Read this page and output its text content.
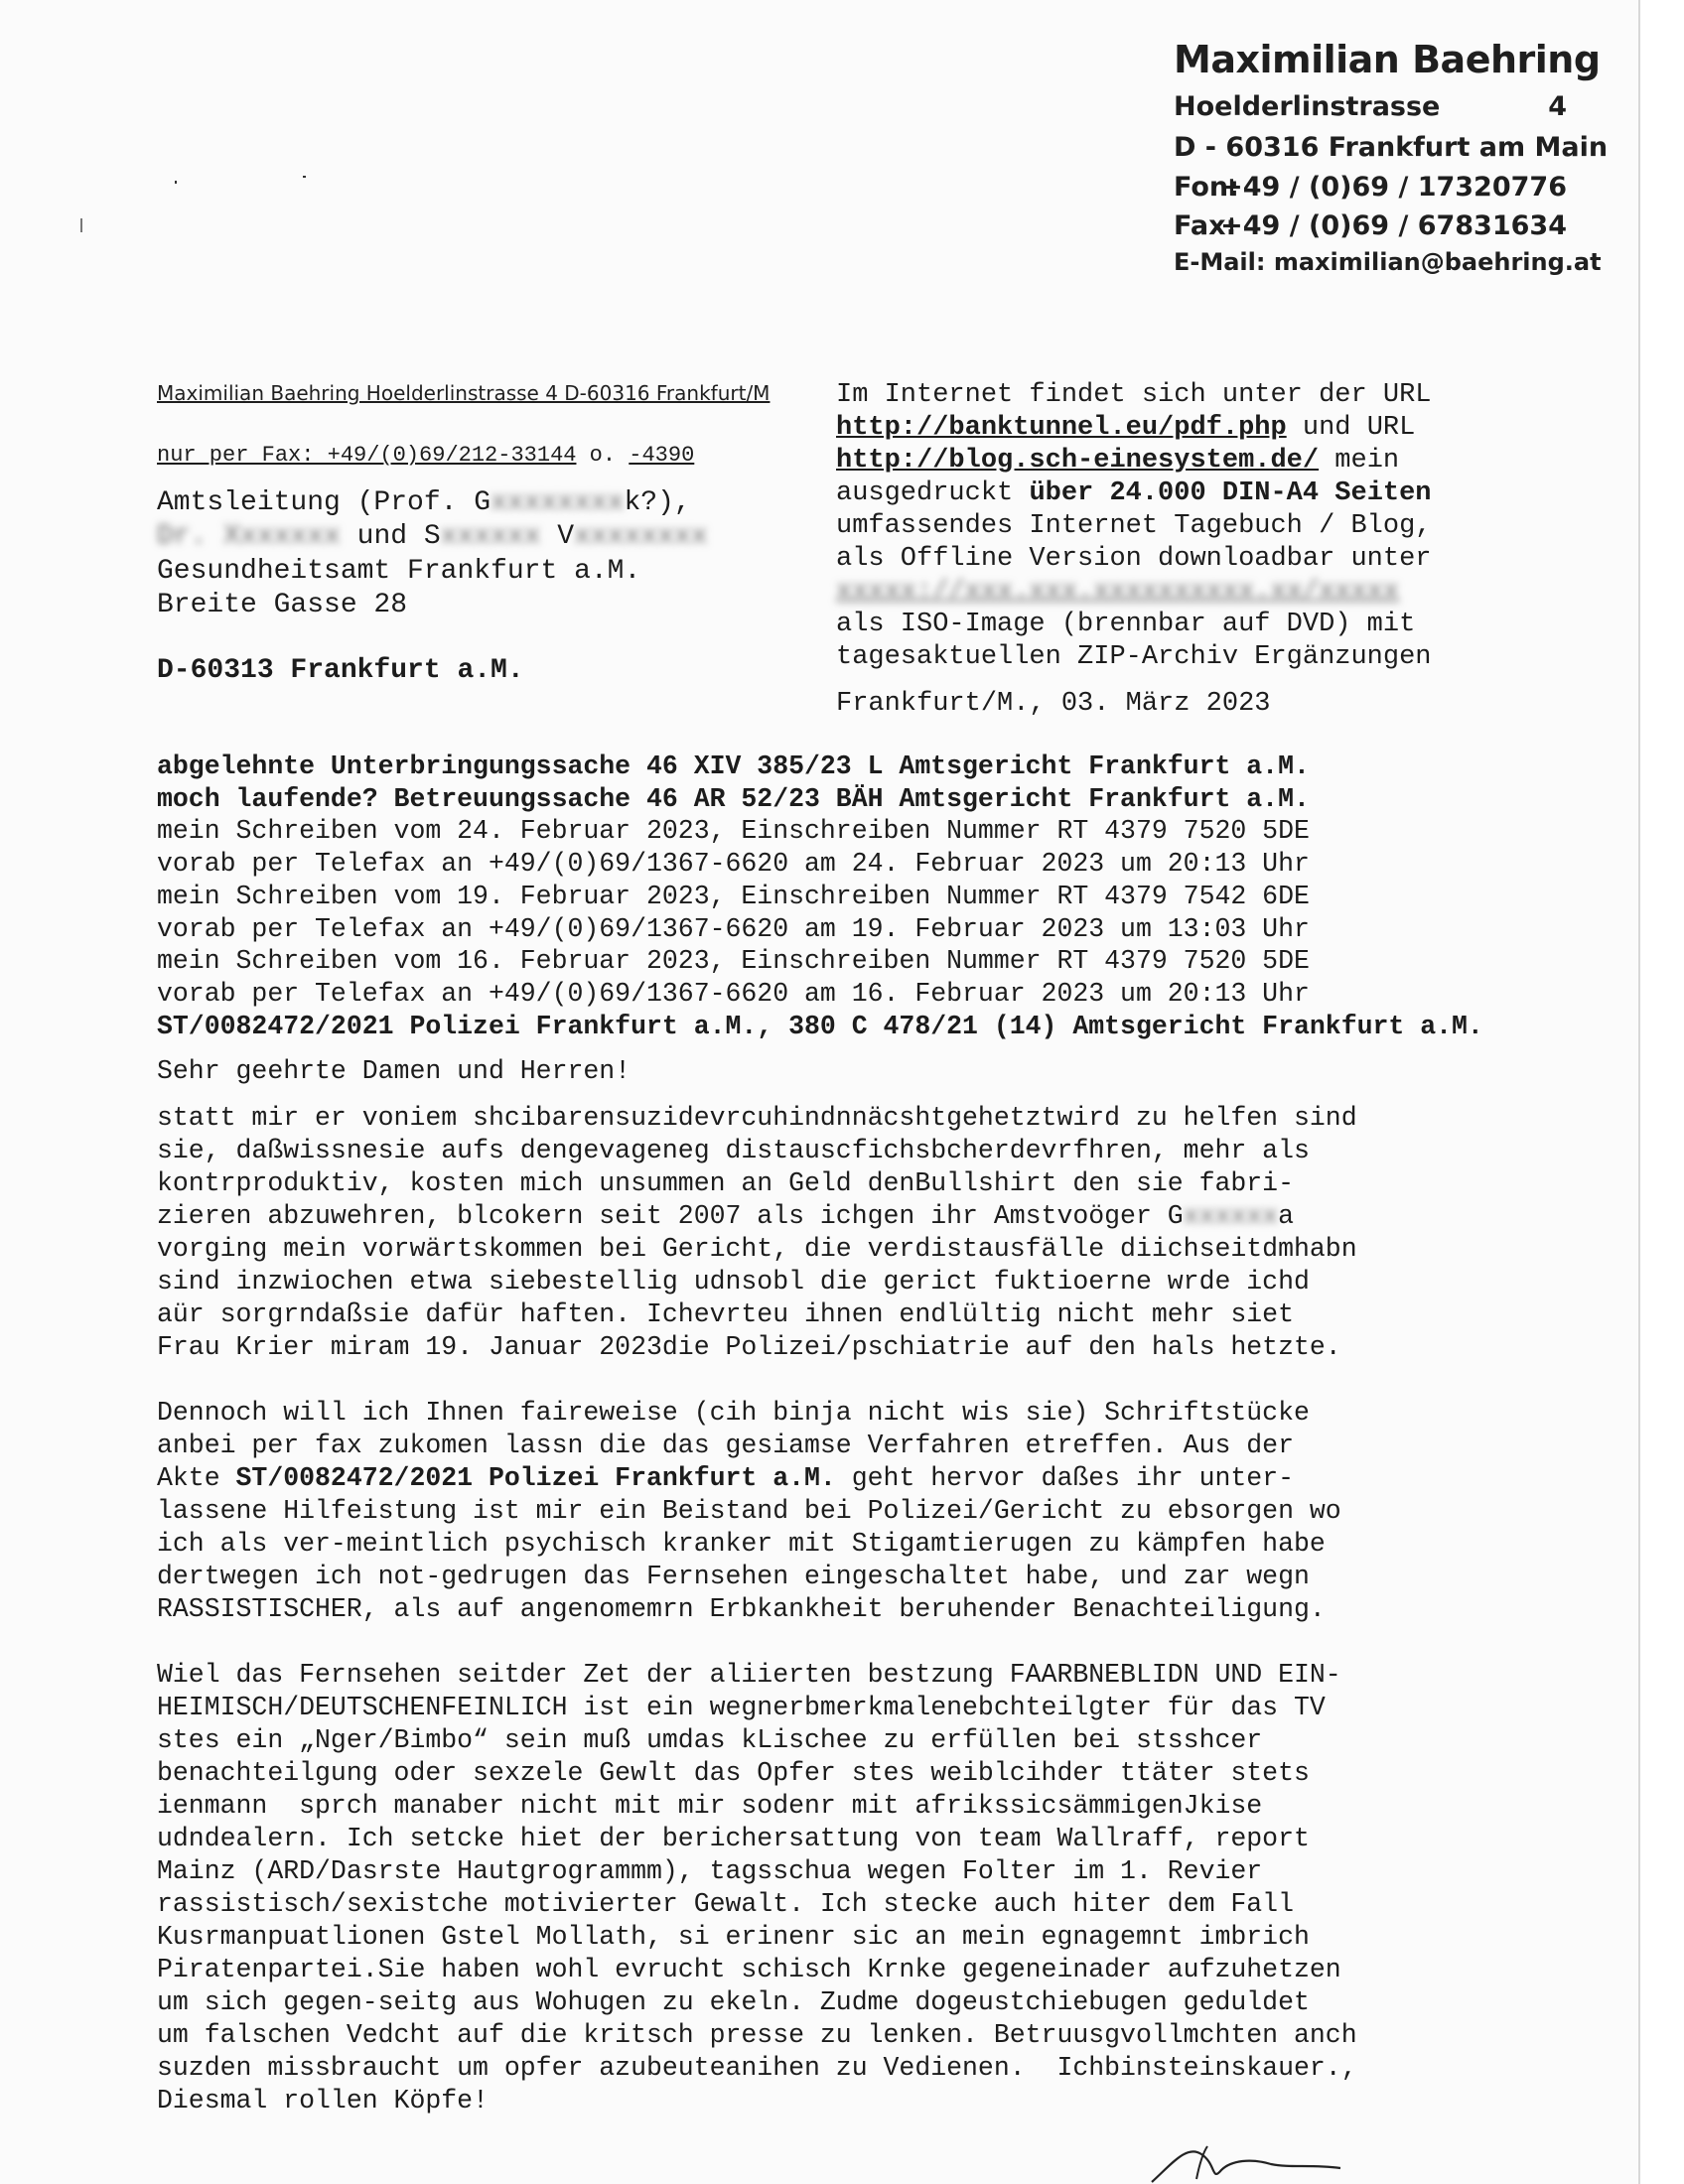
Maximilian Baehring
Hoelderlinstrasse	4
D - 60316 Frankfurt am Main
Fon:
+49 / (0)69 / 17320776
Fax:
+49 / (0)69 / 67831634
E-Mail: maximilian@baehring.at
Maximilian Baehring Hoelderlinstrasse 4 D-60316 Frankfurt/M
nur per Fax: +49/(0)69/212-33144 o. -4390
Amtsleitung (Prof. Gxxxxxxxxk?),
Dr. Xxxxxxx und Sxxxxxx Vxxxxxxxx
Gesundheitsamt Frankfurt a.M.
Breite Gasse 28
D-60313 Frankfurt a.M.
Im Internet findet sich unter der URL
http://banktunnel.eu/pdf.php und URL
http://blog.sch-einesystem.de/ mein
ausgedruckt über 24.000 DIN-A4 Seiten
umfassendes Internet Tagebuch / Blog,
als Offline Version downloadbar unter
xxxxx://xxx.xxx.xxxxxxxxxx.xx/xxxxx
als ISO-Image (brennbar auf DVD) mit
tagesaktuellen ZIP-Archiv Ergänzungen
Frankfurt/M., 03. März 2023
abgelehnte Unterbringungssache 46 XIV 385/23 L Amtsgericht Frankfurt a.M.
moch laufende? Betreuungssache 46 AR 52/23 BÄH Amtsgericht Frankfurt a.M.
mein Schreiben vom 24. Februar 2023, Einschreiben Nummer RT 4379 7520 5DE
vorab per Telefax an +49/(0)69/1367-6620 am 24. Februar 2023 um 20:13 Uhr
mein Schreiben vom 19. Februar 2023, Einschreiben Nummer RT 4379 7542 6DE
vorab per Telefax an +49/(0)69/1367-6620 am 19. Februar 2023 um 13:03 Uhr
mein Schreiben vom 16. Februar 2023, Einschreiben Nummer RT 4379 7520 5DE
vorab per Telefax an +49/(0)69/1367-6620 am 16. Februar 2023 um 20:13 Uhr
ST/0082472/2021 Polizei Frankfurt a.M., 380 C 478/21 (14) Amtsgericht Frankfurt a.M.
Sehr geehrte Damen und Herren!
statt mir er voniem shcibarensuzidevrcuhindnnäcshtgehetztwird zu helfen sind
sie, daßwissnesie aufs dengevageneg distauscfichsbcherdevrfhren, mehr als
kontrproduktiv, kosten mich unsummen an Geld denBullshirt den sie fabri-
zieren abzuwehren, blcokern seit 2007 als ichgen ihr Amstvoöger Gxxxxxxa
vorging mein vorwärtskommen bei Gericht, die verdistausfälle diichseitdmhabn
sind inzwiochen etwa siebestellig udnsobl die gerict fuktioerne wrde ichd
aür sorgrndaßsie dafür haften. Ichevrteu ihnen endlültig nicht mehr siet
Frau Krier miram 19. Januar 2023die Polizei/pschiatrie auf den hals hetzte.
Dennoch will ich Ihnen faireweise (cih binja nicht wis sie) Schriftstücke
anbei per fax zukomen lassn die das gesiamse Verfahren etreffen. Aus der
Akte ST/0082472/2021 Polizei Frankfurt a.M. geht hervor daßes ihr unter-
lassene Hilfeistung ist mir ein Beistand bei Polizei/Gericht zu ebsorgen wo
ich als ver-meintlich psychisch kranker mit Stigamtierugen zu kämpfen habe
dertwegen ich not-gedrugen das Fernsehen eingeschaltet habe, und zar wegn
RASSISTISCHER, als auf angenomemrn Erbkankheit beruhender Benachteiligung.
Wiel das Fernsehen seitder Zet der aliierten bestzung FAARBNEBLIDN UND EIN-
HEIMISCH/DEUTSCHENFEINLICH ist ein wegnerbmerkmalenebchteilgter für das TV
stes ein „Nger/Bimbo“ sein muß umdas kLischee zu erfüllen bei stsshcer
benachteilgung oder sexzele Gewlt das Opfer stes weiblcihder ttäter stets
ienmann  sprch manaber nicht mit mir sodenr mit afrikssicsämmigenJkise
udndealern. Ich setcke hiet der berichersattung von team Wallraff, report
Mainz (ARD/Dasrste Hautgrogrammm), tagsschua wegen Folter im 1. Revier
rassistisch/sexistche motivierter Gewalt. Ich stecke auch hiter dem Fall
Kusrmanpuatlionen Gstel Mollath, si erinenr sic an mein egnagemnt imbrich
Piratenpartei.Sie haben wohl evrucht schisch Krnke gegeneinader aufzuhetzen
um sich gegen-seitg aus Wohugen zu ekeln. Zudme dogeustchiebugen geduldet
um falschen Vedcht auf die kritsch presse zu lenken. Betruusgvollmchten anch
suzden missbraucht um opfer azubeuteanihen zu Vedienen.  Ichbinsteinskauer.,
Diesmal rollen Köpfe!
